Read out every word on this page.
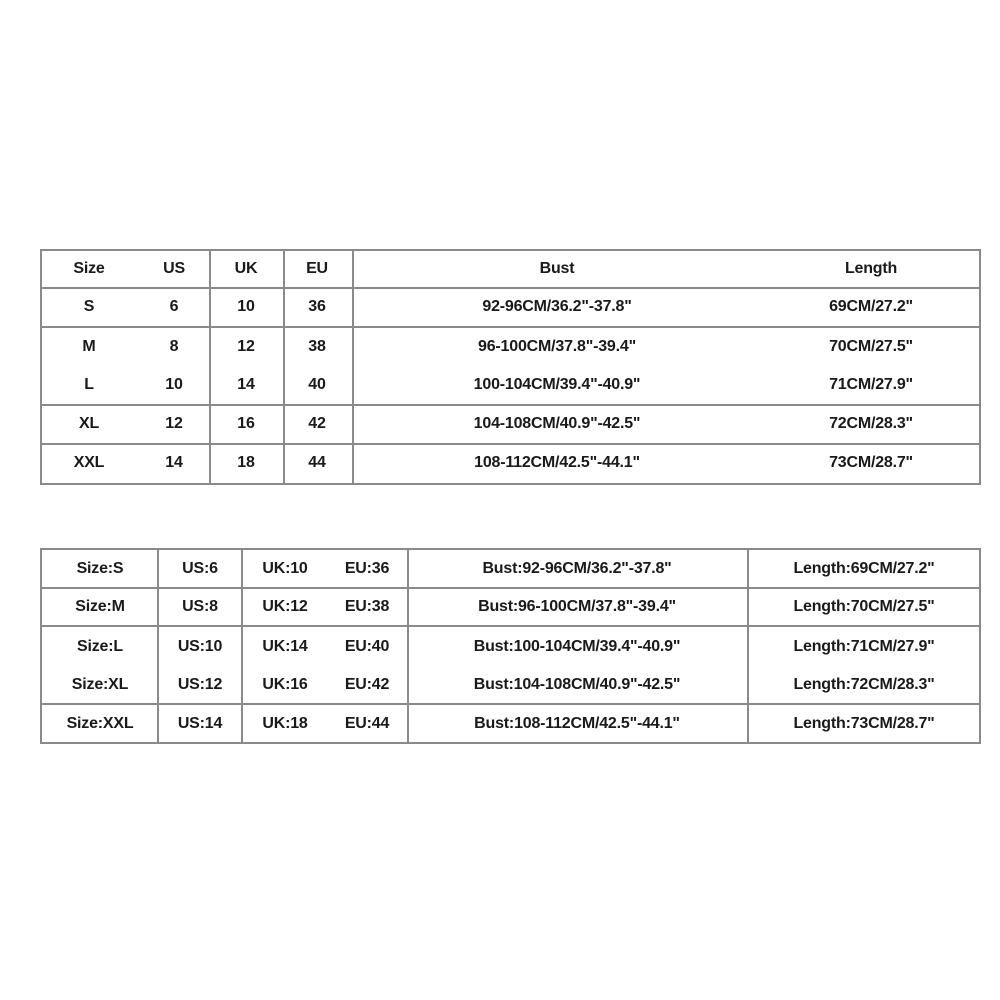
Size	US	UK	EU	Bust	Length
S	6	10	36	92-96CM/36.2"-37.8"	69CM/27.2"
M	8	12	38	96-100CM/37.8"-39.4"	70CM/27.5"
L	10	14	40	100-104CM/39.4"-40.9"	71CM/27.9"
XL	12	16	42	104-108CM/40.9"-42.5"	72CM/28.3"
XXL	14	18	44	108-112CM/42.5"-44.1"	73CM/28.7"
Size:S	US:6	UK:10 EU:36	Bust:92-96CM/36.2"-37.8"	Length:69CM/27.2"
Size:M	US:8	UK:12 EU:38	Bust:96-100CM/37.8"-39.4"	Length:70CM/27.5"
Size:L	US:10	UK:14 EU:40	Bust:100-104CM/39.4"-40.9"	Length:71CM/27.9"
Size:XL	US:12	UK:16 EU:42	Bust:104-108CM/40.9"-42.5"	Length:72CM/28.3"
Size:XXL	US:14	UK:18 EU:44	Bust:108-112CM/42.5"-44.1"	Length:73CM/28.7"
